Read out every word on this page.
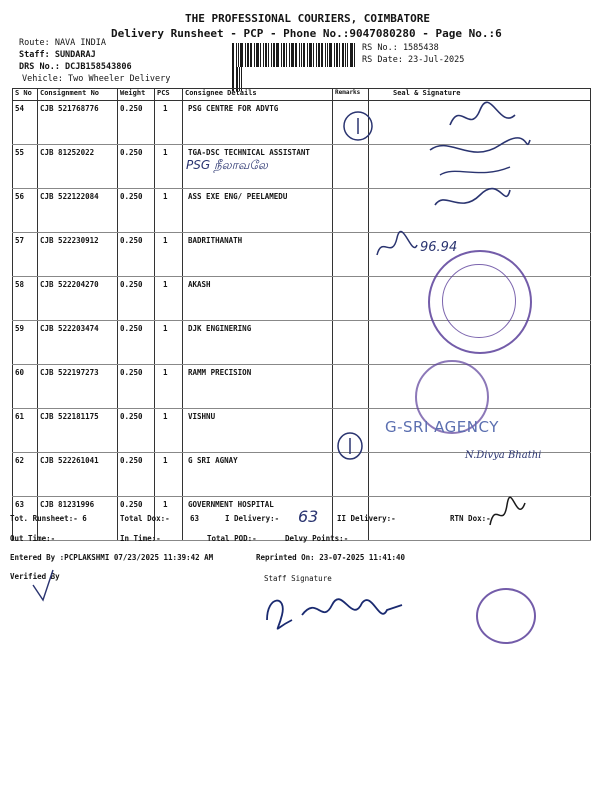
THE PROFESSIONAL COURIERS, COIMBATORE
Delivery Runsheet - PCP - Phone No.:9047080280 - Page No.:6
Route: NAVA INDIA
Staff: SUNDARAJ
DRS No.: DCJB158543806
Vehicle: Two Wheeler Delivery
RS No.: 1585438
RS Date: 23-Jul-2025
S No	Consignment No	Weight	PCS	Consignee Details	Remarks	Seal & Signature
54	CJB 521768776	0.250	1	PSG CENTRE FOR ADVTG		
55	CJB 81252022	0.250	1	TGA-DSC TECHNICAL ASSISTANT		
56	CJB 522122084	0.250	1	ASS EXE ENG/ PEELAMEDU		
57	CJB 522230912	0.250	1	BADRITHANATH		
58	CJB 522204270	0.250	1	AKASH		
59	CJB 522203474	0.250	1	DJK ENGINERING		
60	CJB 522197273	0.250	1	RAMM PRECISION		
61	CJB 522181175	0.250	1	VISHNU		
62	CJB 522261041	0.250	1	G SRI AGNAY		
63	CJB 81231996	0.250	1	GOVERNMENT HOSPITAL		
PSG நீலாவலே
96.94
G-SRI AGENCY
N.Divya Bhathi
Tot. Runsheet:- 6	Total Dox:-	63	I Delivery:- 63 II Delivery:-	RTN Dox:-
Out Time:-	In Time:-	Total POD:-	Delvy Points:-
Entered By :PCPLAKSHMI 07/23/2025 11:39:42 AM	Reprinted On: 23-07-2025 11:41:40
Verified By	Staff Signature
